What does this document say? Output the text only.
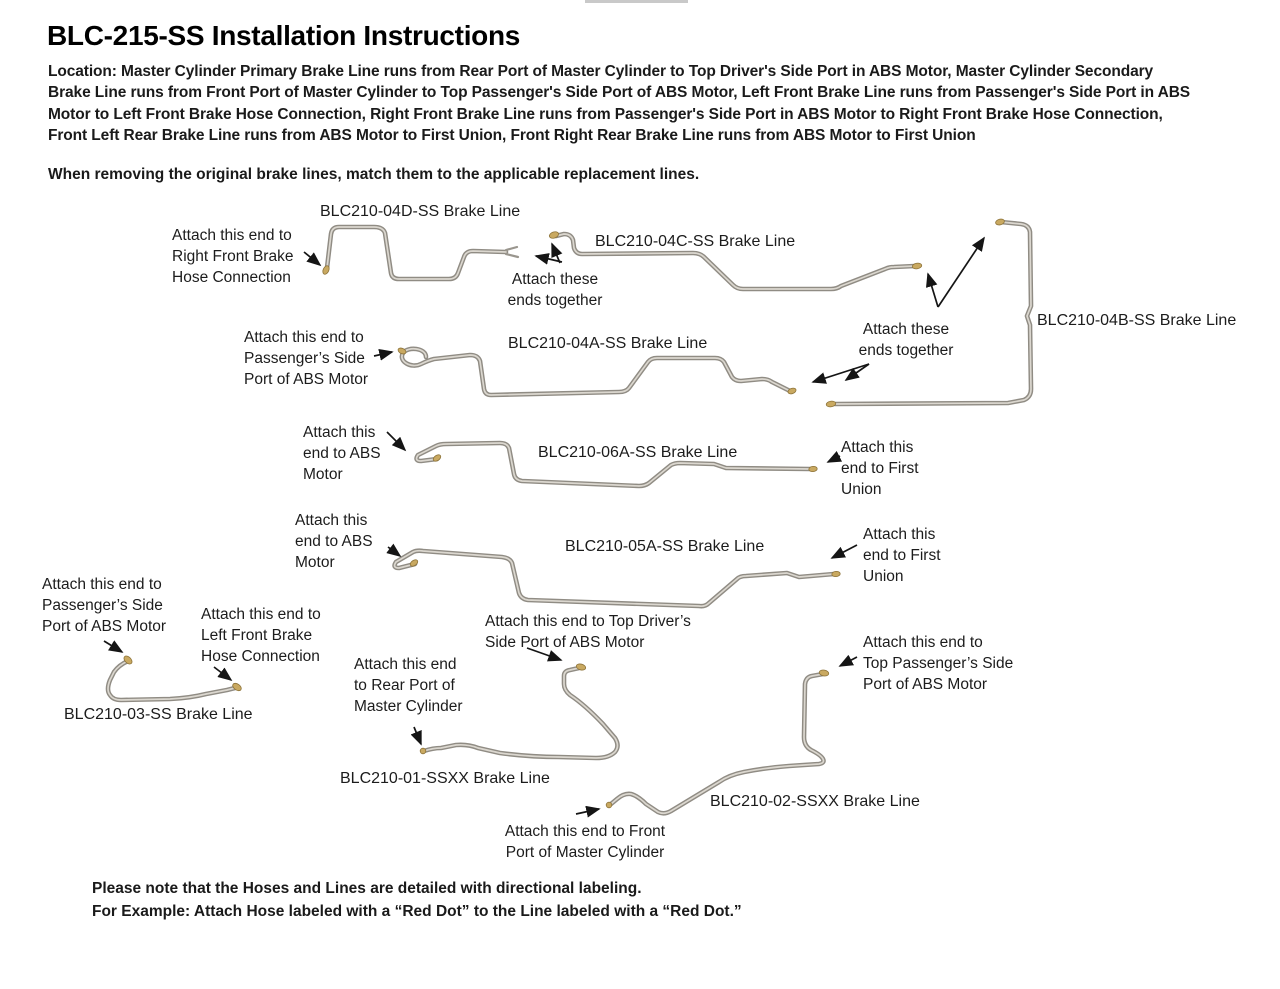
BLC-215-SS Installation Instructions
Location: Master Cylinder Primary Brake Line runs from Rear Port of Master Cylinder to Top Driver's Side Port in ABS Motor, Master Cylinder Secondary
Brake Line runs from Front Port of Master Cylinder to Top Passenger's Side Port of ABS Motor, Left Front Brake Line runs from Passenger's Side Port in ABS
Motor to Left Front Brake Hose Connection, Right Front Brake Line runs from Passenger's Side Port in ABS Motor to Right Front Brake Hose Connection,
Front Left Rear Brake Line runs from ABS Motor to First Union, Front Right Rear Brake Line runs from ABS Motor to First Union
When removing the original brake lines, match them to the applicable replacement lines.
BLC210-04D-SS Brake Line
BLC210-04C-SS Brake Line
BLC210-04B-SS Brake Line
BLC210-04A-SS Brake Line
BLC210-06A-SS Brake Line
BLC210-05A-SS Brake Line
BLC210-03-SS Brake Line
BLC210-01-SSXX Brake Line
BLC210-02-SSXX Brake Line
Attach this end to
Right Front Brake
Hose Connection	Attach these
ends together
Attach these
ends together
Attach this end to
Passenger’s Side
Port of ABS Motor
Attach this
end to ABS
Motor
Attach this
end to First
Union
Attach this
end to ABS
Motor
Attach this
end to First
Union
Attach this end to
Passenger’s Side
Port of ABS Motor
Attach this end to
Left Front Brake
Hose Connection Attach this end
to Rear Port of
Master Cylinder
Attach this end to Top Driver’s
Side Port of ABS Motor	Attach this end to
Top Passenger’s Side
Port of ABS Motor
Attach this end to Front
Port of Master Cylinder
Please note that the Hoses and Lines are detailed with directional labeling.
For Example: Attach Hose labeled with a “Red Dot” to the Line labeled with a “Red Dot.”
